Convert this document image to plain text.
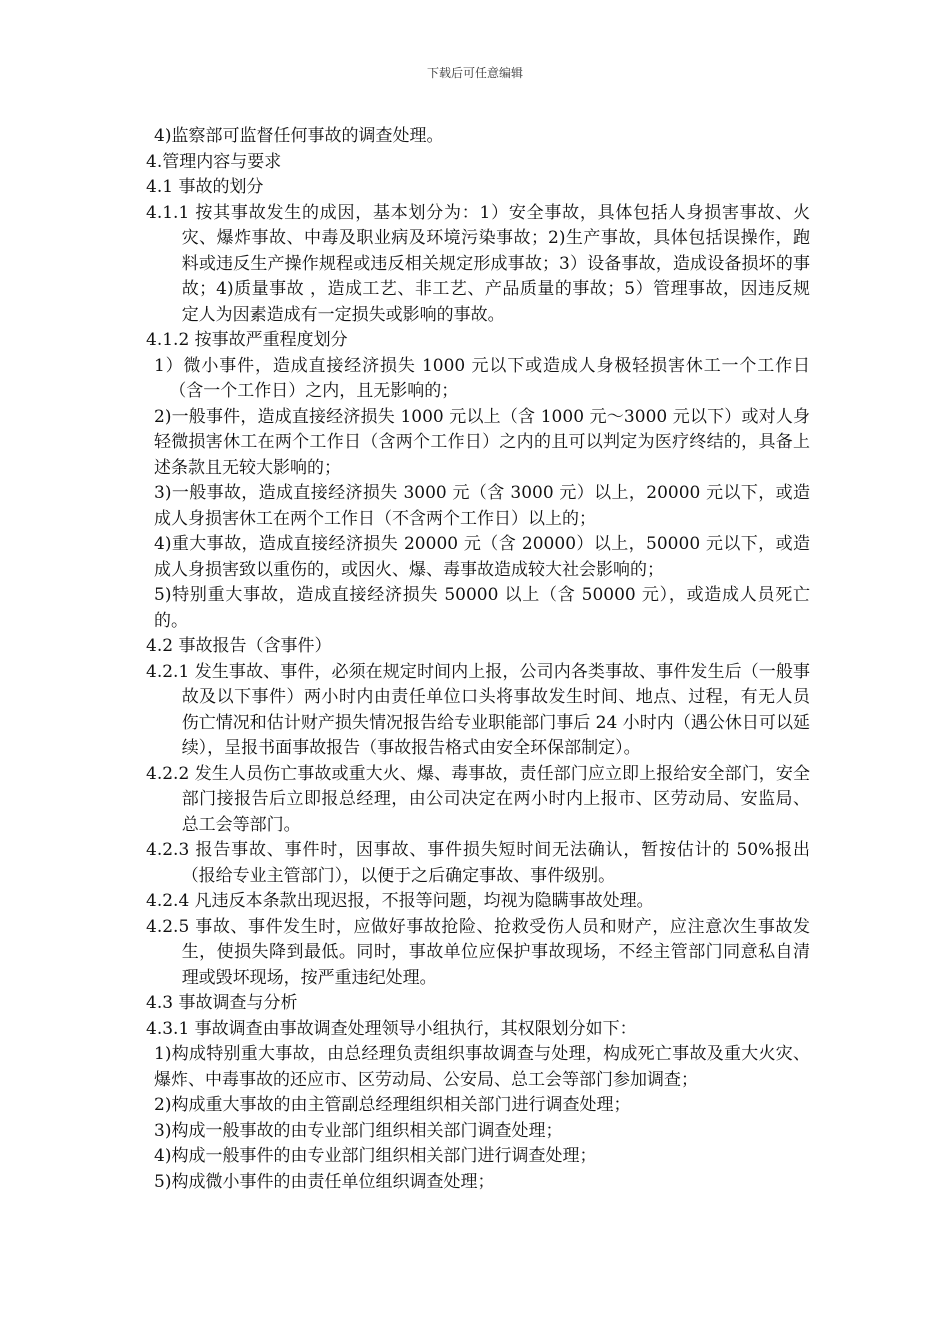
下载后可任意编辑

4)监察部可监督任何事故的调查处理。

4.管理内容与要求

4.1 事故的划分

4.1.1 按其事故发生的成因，基本划分为：1）安全事故，具体包括人身损害事故、火灾、爆炸事故、中毒及职业病及环境污染事故；2)生产事故，具体包括误操作，跑料或违反生产操作规程或违反相关规定形成事故；3）设备事故，造成设备损坏的事故；4)质量事故 ，造成工艺、非工艺、产品质量的事故；5）管理事故，因违反规定人为因素造成有一定损失或影响的事故。

4.1.2 按事故严重程度划分

1）微小事件，造成直接经济损失 1000 元以下或造成人身极轻损害休工一个工作日（含一个工作日）之内，且无影响的；

2)一般事件，造成直接经济损失 1000 元以上（含 1000 元～3000 元以下）或对人身轻微损害休工在两个工作日（含两个工作日）之内的且可以判定为医疗终结的，具备上述条款且无较大影响的；

3)一般事故，造成直接经济损失 3000 元（含 3000 元）以上，20000 元以下，或造成人身损害休工在两个工作日（不含两个工作日）以上的；

4)重大事故，造成直接经济损失 20000 元（含 20000）以上，50000 元以下，或造成人身损害致以重伤的，或因火、爆、毒事故造成较大社会影响的；

5)特别重大事故，造成直接经济损失 50000 以上（含 50000 元），或造成人员死亡的。

4.2 事故报告（含事件）

4.2.1 发生事故、事件，必须在规定时间内上报，公司内各类事故、事件发生后（一般事故及以下事件）两小时内由责任单位口头将事故发生时间、地点、过程，有无人员伤亡情况和估计财产损失情况报告给专业职能部门事后 24 小时内（遇公休日可以延续），呈报书面事故报告（事故报告格式由安全环保部制定）。

4.2.2 发生人员伤亡事故或重大火、爆、毒事故，责任部门应立即上报给安全部门，安全部门接报告后立即报总经理，由公司决定在两小时内上报市、区劳动局、安监局、总工会等部门。

4.2.3 报告事故、事件时，因事故、事件损失短时间无法确认，暂按估计的 50%报出（报给专业主管部门），以便于之后确定事故、事件级别。

4.2.4 凡违反本条款出现迟报，不报等问题，均视为隐瞒事故处理。

4.2.5 事故、事件发生时，应做好事故抢险、抢救受伤人员和财产，应注意次生事故发生，使损失降到最低。同时，事故单位应保护事故现场，不经主管部门同意私自清理或毁坏现场，按严重违纪处理。

4.3 事故调查与分析

4.3.1 事故调查由事故调查处理领导小组执行，其权限划分如下：

1)构成特别重大事故，由总经理负责组织事故调查与处理，构成死亡事故及重大火灾、爆炸、中毒事故的还应市、区劳动局、公安局、总工会等部门参加调查；

2)构成重大事故的由主管副总经理组织相关部门进行调查处理；

3)构成一般事故的由专业部门组织相关部门调查处理；

4)构成一般事件的由专业部门组织相关部门进行调查处理；

5)构成微小事件的由责任单位组织调查处理；
